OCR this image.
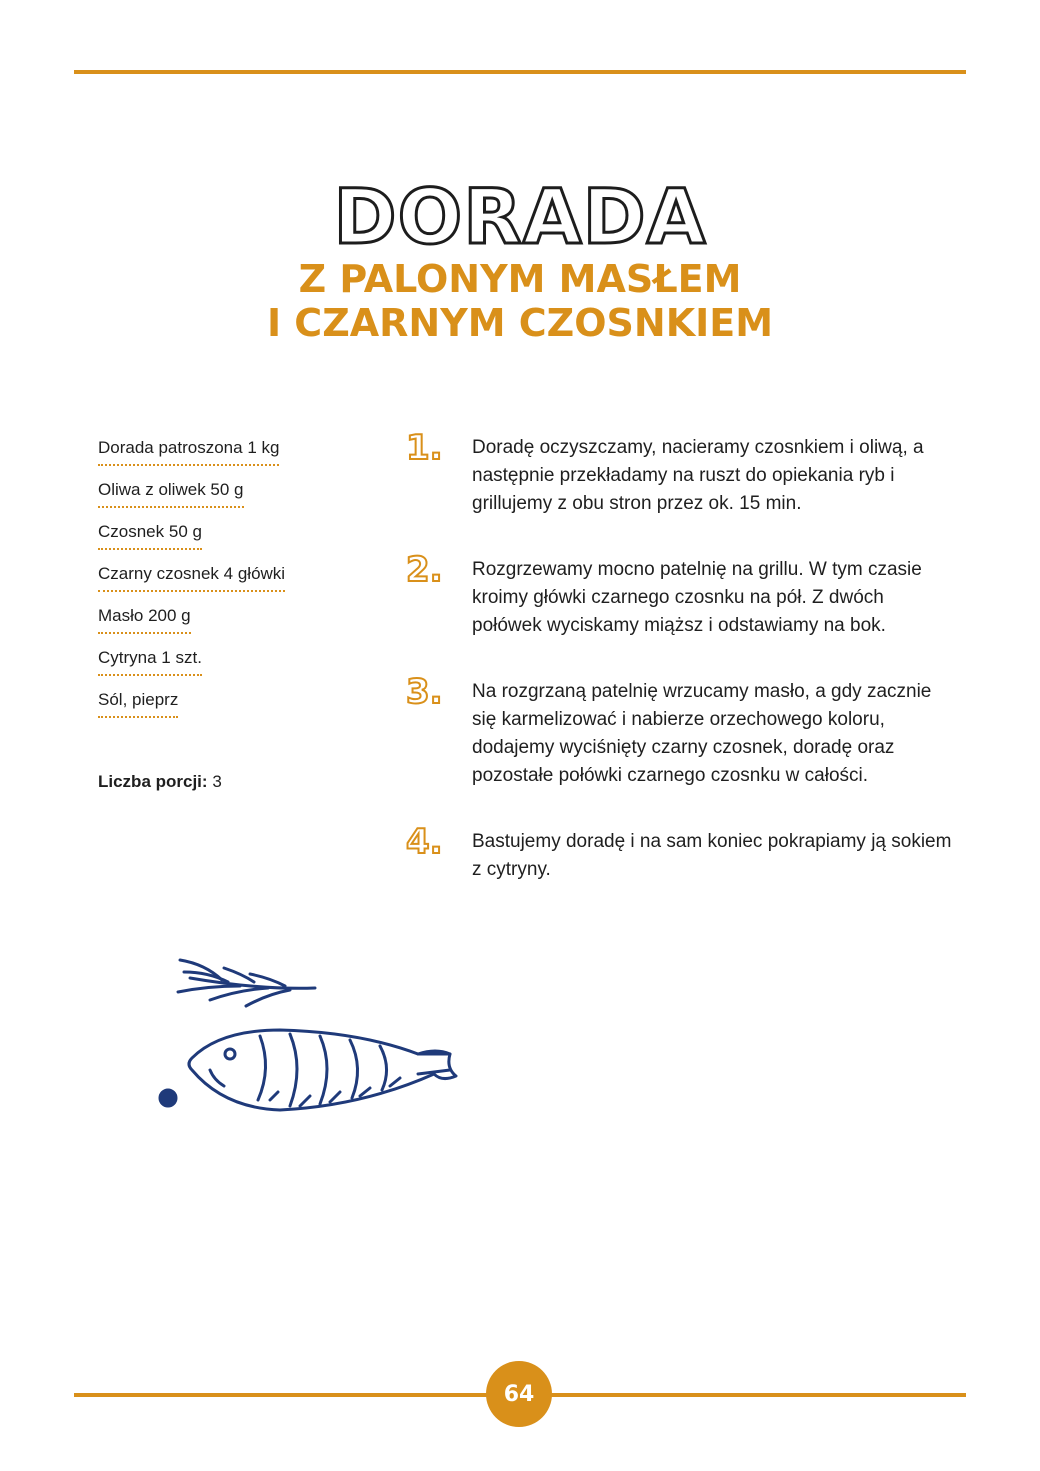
DORADA
Z PALONYM MASŁEM
I CZARNYM CZOSNKIEM
Dorada patroszona 1 kg
Oliwa z oliwek 50 g
Czosnek 50 g
Czarny czosnek 4 główki
Masło 200 g
Cytryna 1 szt.
Sól, pieprz
Liczba porcji: 3
1. Doradę oczyszczamy, nacieramy czosnkiem i oliwą, a następnie przekładamy na ruszt do opiekania ryb i grillujemy z obu stron przez ok. 15 min.
2. Rozgrzewamy mocno patelnię na grillu. W tym czasie kroimy główki czarnego czosnku na pół. Z dwóch połówek wyciskamy miąższ i odstawiamy na bok.
3. Na rozgrzaną patelnię wrzucamy masło, a gdy zacznie się karmelizować i nabierze orzechowego koloru, dodajemy wyciśnięty czarny czosnek, doradę oraz pozostałe połówki czarnego czosnku w całości.
4. Bastujemy doradę i na sam koniec pokrapiamy ją sokiem z cytryny.
64
